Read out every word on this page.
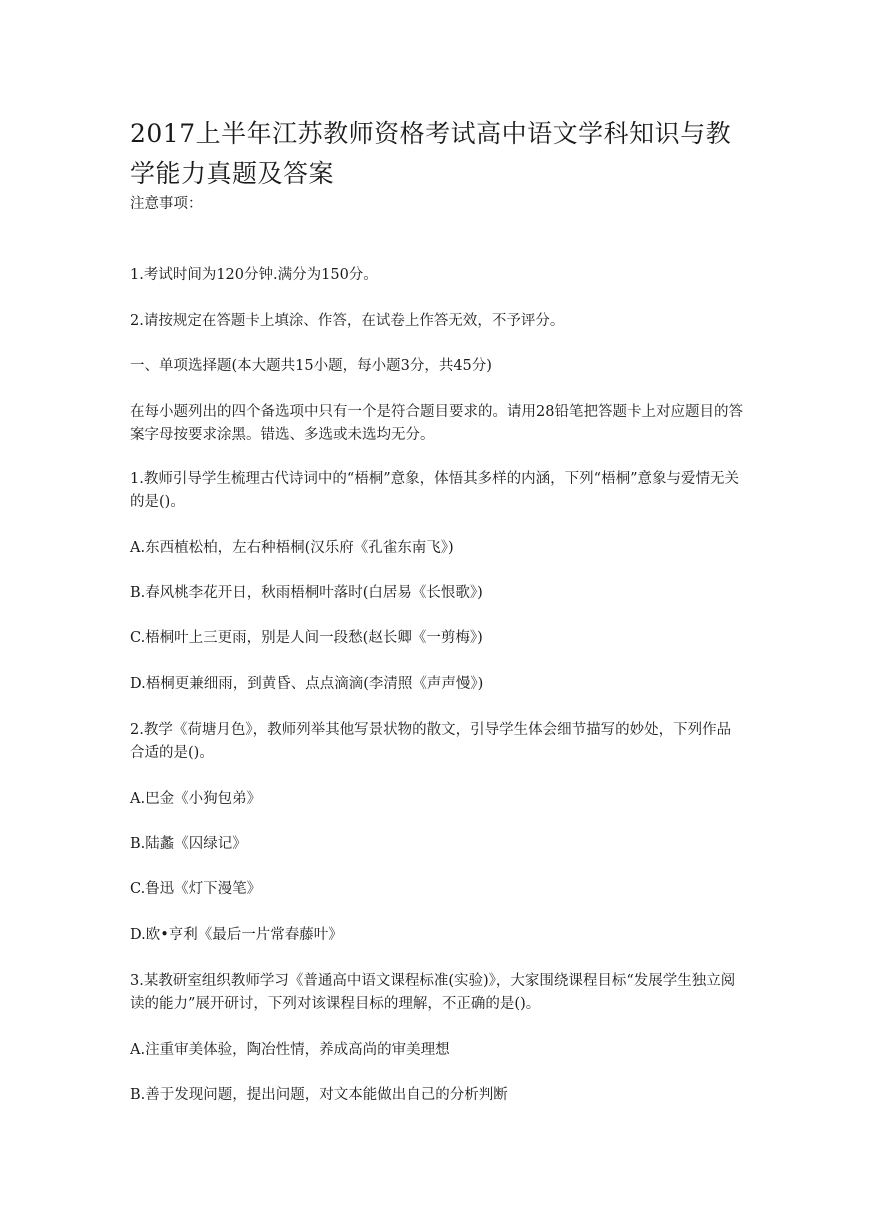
2017上半年江苏教师资格考试高中语文学科知识与教学能力真题及答案

注意事项：

1.考试时间为120分钟.满分为150分。

2.请按规定在答题卡上填涂、作答，在试卷上作答无效，不予评分。

一、单项选择题(本大题共15小题，每小题3分，共45分)

在每小题列出的四个备选项中只有一个是符合题目要求的。请用28铅笔把答题卡上对应题目的答案字母按要求涂黑。错选、多选或未选均无分。

1.教师引导学生梳理古代诗词中的“梧桐”意象，体悟其多样的内涵，下列“梧桐”意象与爱情无关的是()。

A.东西植松柏，左右种梧桐(汉乐府《孔雀东南飞》)

B.春风桃李花开日，秋雨梧桐叶落时(白居易《长恨歌》)

C.梧桐叶上三更雨，别是人间一段愁(赵长卿《一剪梅》)

D.梧桐更兼细雨，到黄昏、点点滴滴(李清照《声声慢》)

2.教学《荷塘月色》，教师列举其他写景状物的散文，引导学生体会细节描写的妙处，下列作品合适的是()。

A.巴金《小狗包弟》

B.陆蠡《囚绿记》

C.鲁迅《灯下漫笔》

D.欧•亨利《最后一片常春藤叶》

3.某教研室组织教师学习《普通高中语文课程标准(实验)》，大家围绕课程目标“发展学生独立阅读的能力”展开研讨，下列对该课程目标的理解，不正确的是()。

A.注重审美体验，陶冶性情，养成高尚的审美理想

B.善于发现问题，提出问题，对文本能做出自己的分析判断
